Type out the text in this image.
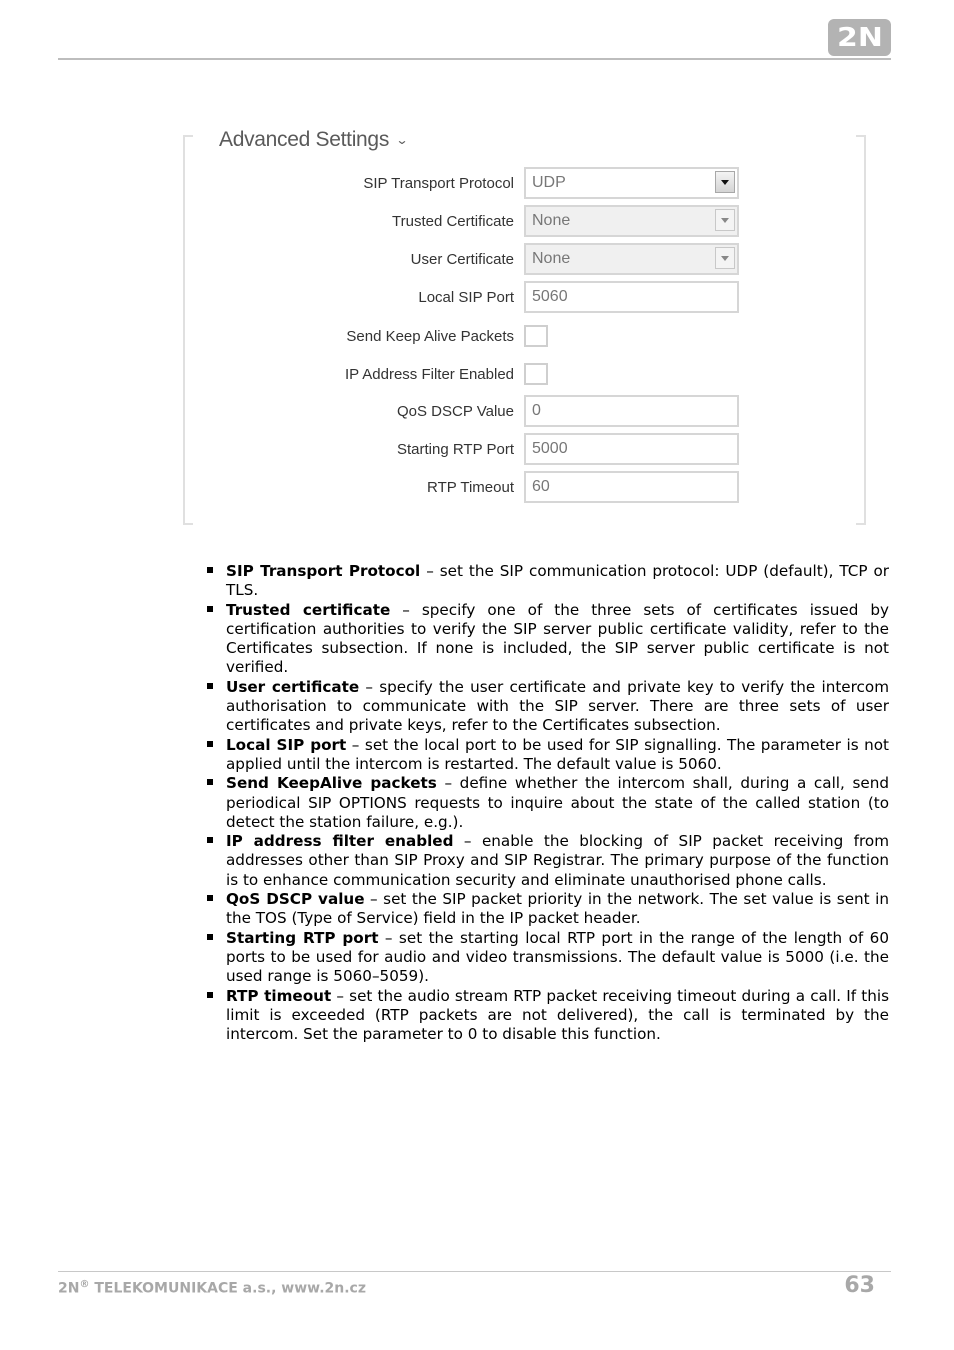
2N
Advanced Settings ⌄
SIP Transport Protocol	UDP
Trusted Certificate	None
User Certificate	None
Local SIP Port	5060
Send Keep Alive Packets
IP Address Filter Enabled
QoS DSCP Value	0
Starting RTP Port	5000
RTP Timeout	60
SIP Transport Protocol – set the SIP communication protocol: UDP (default), TCP or TLS.
Trusted certificate – specify one of the three sets of certificates issued by certification authorities to verify the SIP server public certificate validity, refer to the Certificates subsection. If none is included, the SIP server public certificate is not verified.
User certificate – specify the user certificate and private key to verify the intercom authorisation to communicate with the SIP server. There are three sets of user certificates and private keys, refer to the Certificates subsection.
Local SIP port – set the local port to be used for SIP signalling. The parameter is not applied until the intercom is restarted. The default value is 5060.
Send KeepAlive packets – define whether the intercom shall, during a call, send periodical SIP OPTIONS requests to inquire about the state of the called station (to detect the station failure, e.g.).
IP address filter enabled – enable the blocking of SIP packet receiving from addresses other than SIP Proxy and SIP Registrar. The primary purpose of the function is to enhance communication security and eliminate unauthorised phone calls.
QoS DSCP value – set the SIP packet priority in the network. The set value is sent in the TOS (Type of Service) field in the IP packet header.
Starting RTP port – set the starting local RTP port in the range of the length of 60 ports to be used for audio and video transmissions. The default value is 5000 (i.e. the used range is 5060–5059).
RTP timeout – set the audio stream RTP packet receiving timeout during a call. If this limit is exceeded (RTP packets are not delivered), the call is terminated by the intercom. Set the parameter to 0 to disable this function.
2N® TELEKOMUNIKACE a.s., www.2n.cz	63
